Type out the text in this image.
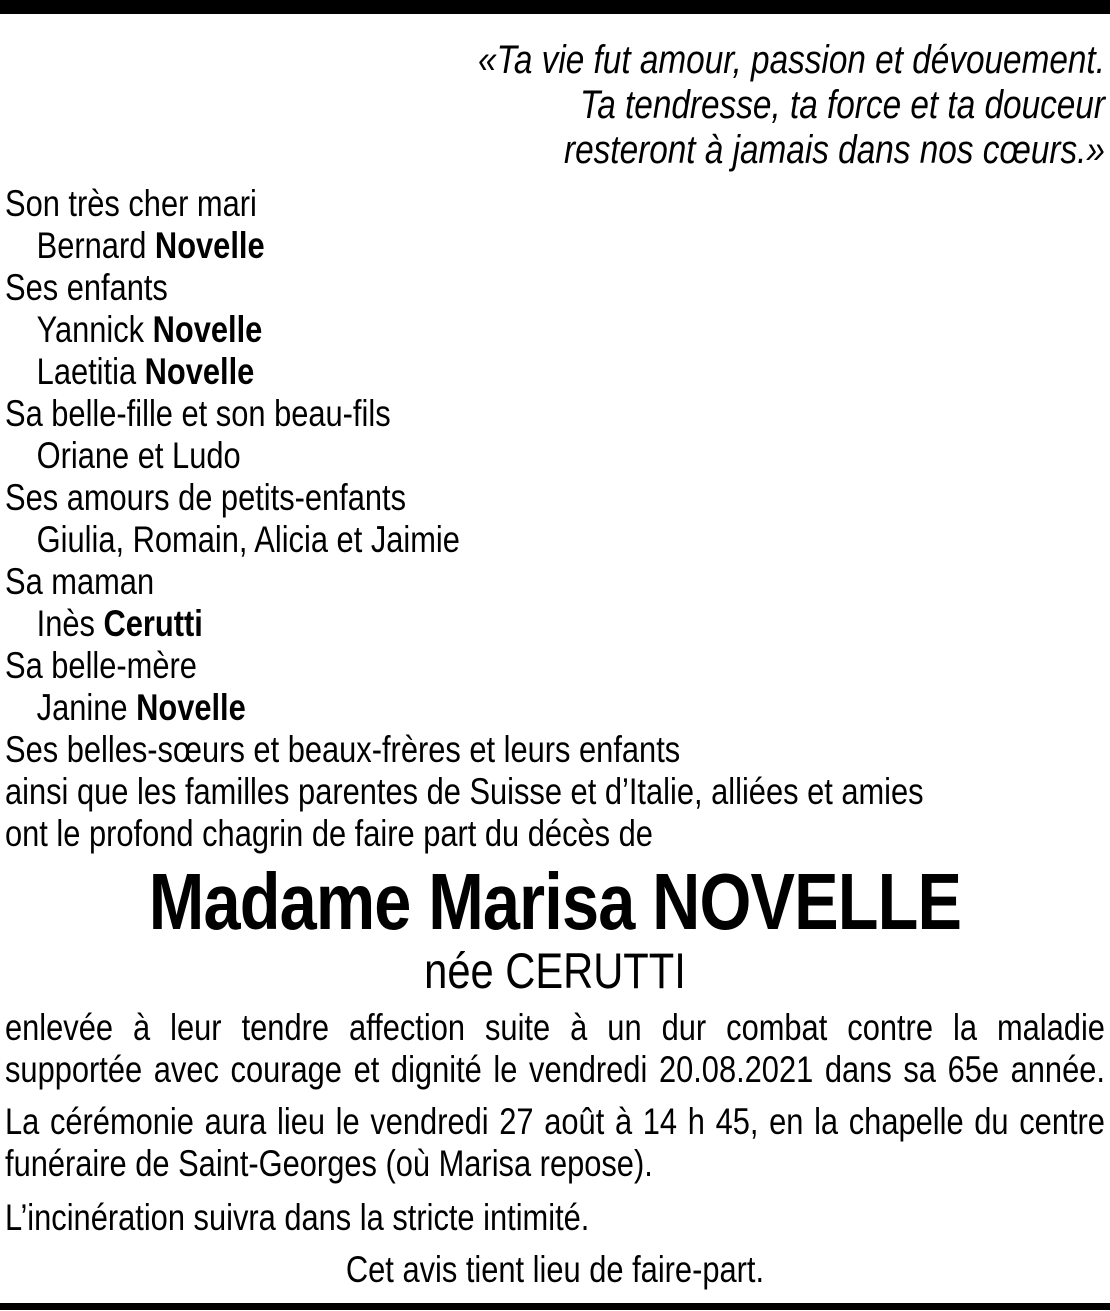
«Ta vie fut amour, passion et dévouement.
Ta tendresse, ta force et ta douceur
resteront à jamais dans nos cœurs.»
Son très cher mari
Bernard Novelle
Ses enfants
Yannick Novelle
Laetitia Novelle
Sa belle-fille et son beau-fils
Oriane et Ludo
Ses amours de petits-enfants
Giulia, Romain, Alicia et Jaimie
Sa maman
Inès Cerutti
Sa belle-mère
Janine Novelle
Ses belles-sœurs et beaux-frères et leurs enfants
ainsi que les familles parentes de Suisse et d’Italie, alliées et amies
ont le profond chagrin de faire part du décès de
Madame Marisa NOVELLE
née CERUTTI
enlevée à leur tendre affection suite à un dur combat contre la maladie
supportée avec courage et dignité le vendredi 20.08.2021 dans sa 65e année.
La cérémonie aura lieu le vendredi 27 août à 14 h 45, en la chapelle du centre
funéraire de Saint-Georges (où Marisa repose).
L’incinération suivra dans la stricte intimité.
Cet avis tient lieu de faire-part.
